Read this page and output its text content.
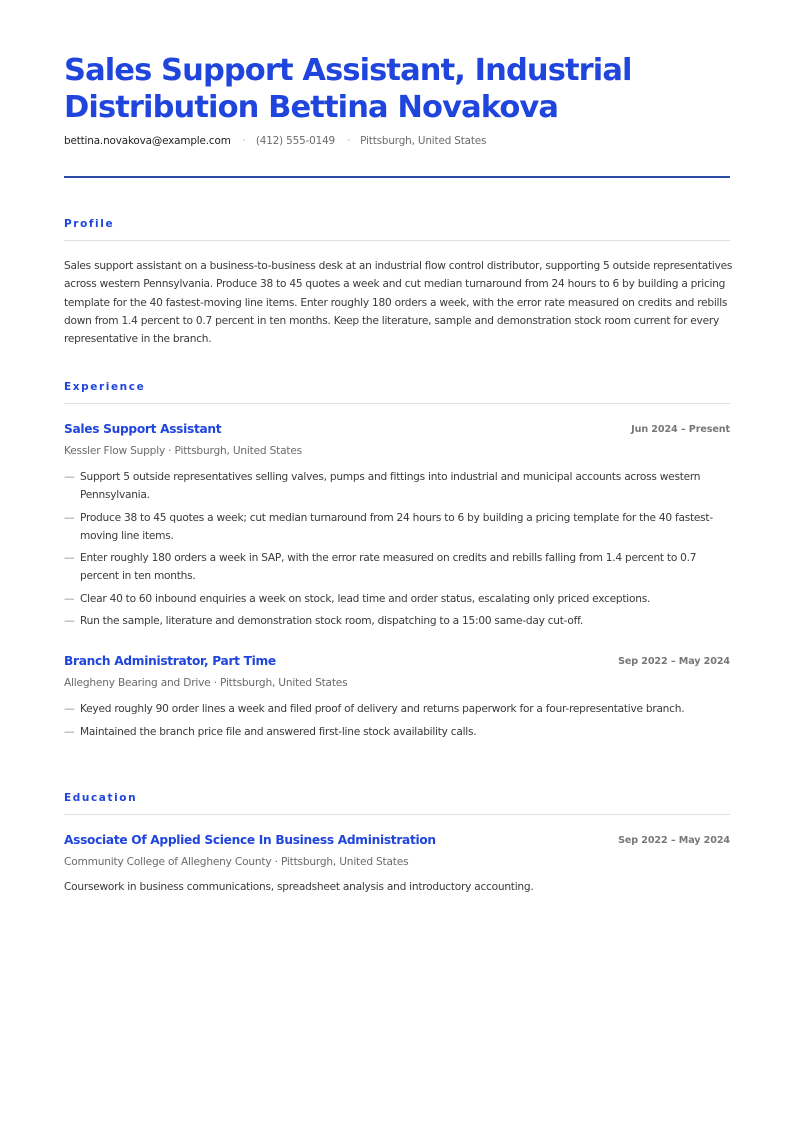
Sales Support Assistant, Industrial Distribution Bettina Novakova
bettina.novakova@example.com · (412) 555-0149 · Pittsburgh, United States
Profile
Sales support assistant on a business-to-business desk at an industrial flow control distributor, supporting 5 outside representatives across western Pennsylvania. Produce 38 to 45 quotes a week and cut median turnaround from 24 hours to 6 by building a pricing template for the 40 fastest-moving line items. Enter roughly 180 orders a week, with the error rate measured on credits and rebills down from 1.4 percent to 0.7 percent in ten months. Keep the literature, sample and demonstration stock room current for every representative in the branch.
Experience
Sales Support Assistant	Jun 2024 – Present
Kessler Flow Supply · Pittsburgh, United States
— Support 5 outside representatives selling valves, pumps and fittings into industrial and municipal accounts across western Pennsylvania.
— Produce 38 to 45 quotes a week; cut median turnaround from 24 hours to 6 by building a pricing template for the 40 fastest-moving line items.
— Enter roughly 180 orders a week in SAP, with the error rate measured on credits and rebills falling from 1.4 percent to 0.7 percent in ten months.
— Clear 40 to 60 inbound enquiries a week on stock, lead time and order status, escalating only priced exceptions.
— Run the sample, literature and demonstration stock room, dispatching to a 15:00 same-day cut-off.
Branch Administrator, Part Time	Sep 2022 – May 2024
Allegheny Bearing and Drive · Pittsburgh, United States
— Keyed roughly 90 order lines a week and filed proof of delivery and returns paperwork for a four-representative branch.
— Maintained the branch price file and answered first-line stock availability calls.
Education
Associate Of Applied Science In Business Administration	Sep 2022 – May 2024
Community College of Allegheny County · Pittsburgh, United States
Coursework in business communications, spreadsheet analysis and introductory accounting.
